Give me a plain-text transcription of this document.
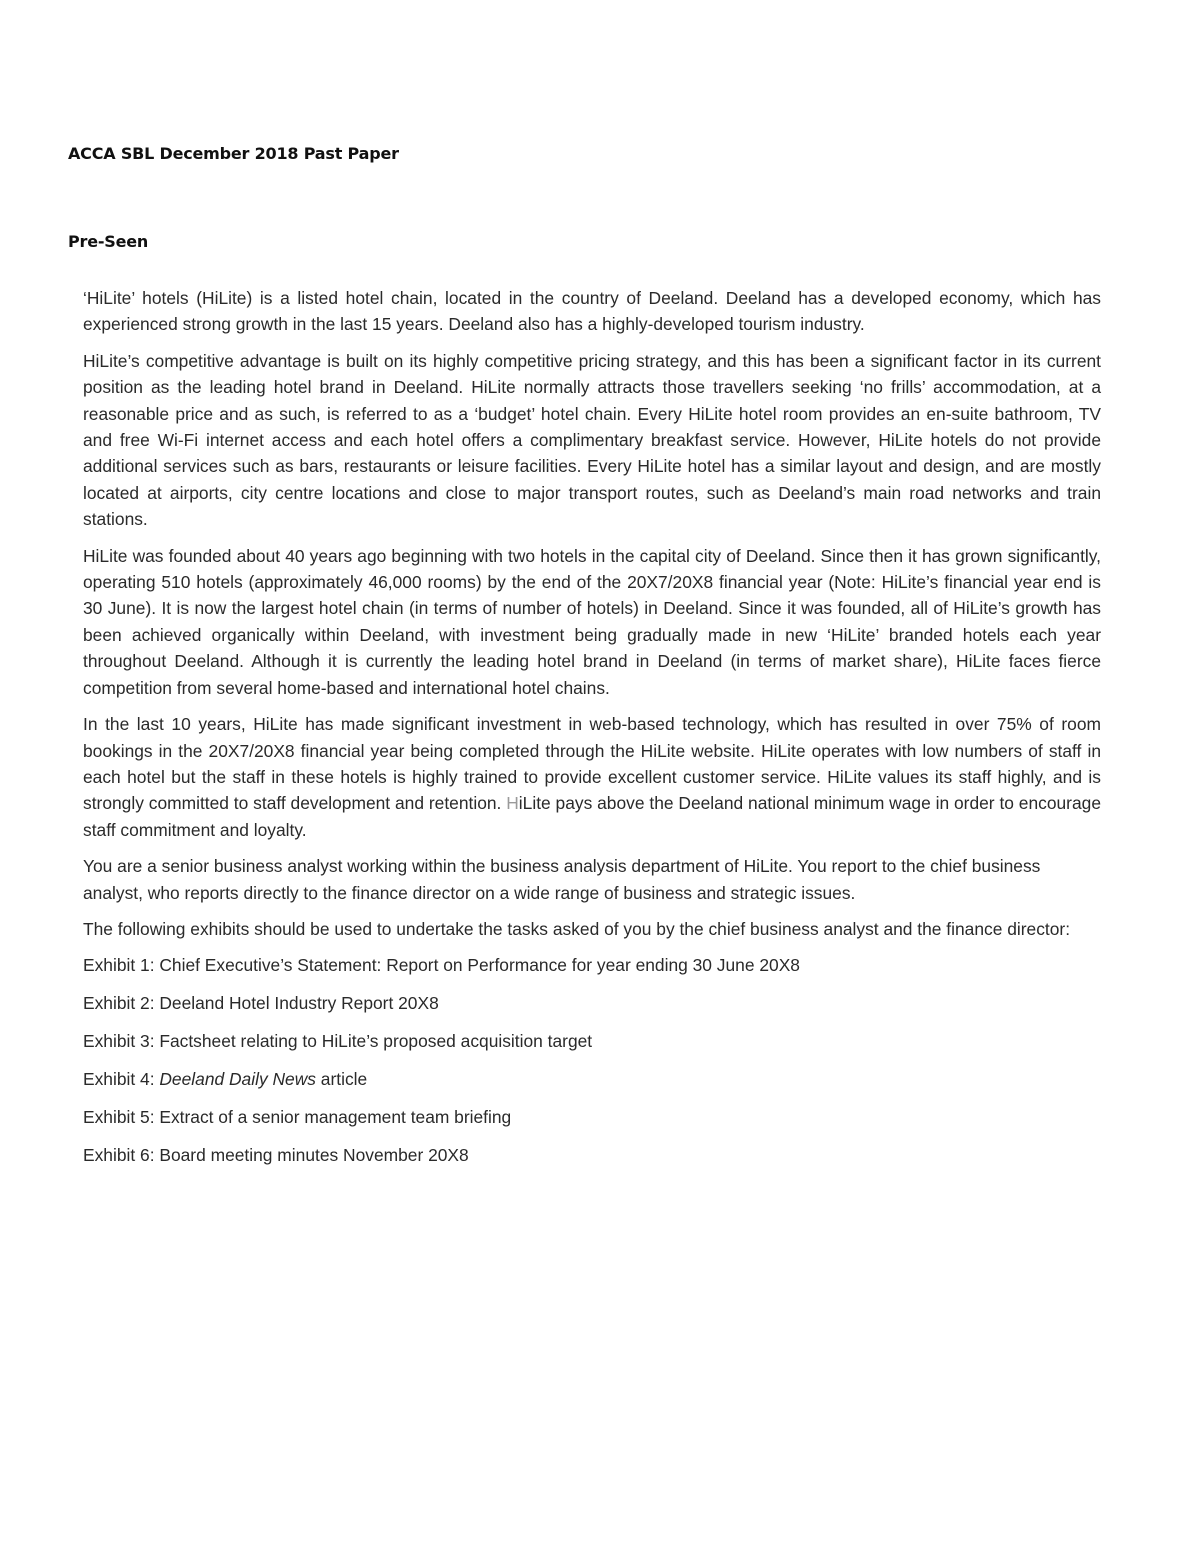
ACCA SBL December 2018 Past Paper
Pre-Seen

‘HiLite’ hotels (HiLite) is a listed hotel chain, located in the country of Deeland. Deeland has a developed economy, which has experienced strong growth in the last 15 years. Deeland also has a highly-developed tourism industry.

HiLite’s competitive advantage is built on its highly competitive pricing strategy, and this has been a significant factor in its current position as the leading hotel brand in Deeland. HiLite normally attracts those travellers seeking ‘no frills’ accommodation, at a reasonable price and as such, is referred to as a ‘budget’ hotel chain. Every HiLite hotel room provides an en-suite bathroom, TV and free Wi-Fi internet access and each hotel offers a complimentary breakfast service. However, HiLite hotels do not provide additional services such as bars, restaurants or leisure facilities. Every HiLite hotel has a similar layout and design, and are mostly located at airports, city centre locations and close to major transport routes, such as Deeland’s main road networks and train stations.

HiLite was founded about 40 years ago beginning with two hotels in the capital city of Deeland. Since then it has grown significantly, operating 510 hotels (approximately 46,000 rooms) by the end of the 20X7/20X8 financial year (Note: HiLite’s financial year end is 30 June). It is now the largest hotel chain (in terms of number of hotels) in Deeland. Since it was founded, all of HiLite’s growth has been achieved organically within Deeland, with investment being gradually made in new ‘HiLite’ branded hotels each year throughout Deeland. Although it is currently the leading hotel brand in Deeland (in terms of market share), HiLite faces fierce competition from several home-based and international hotel chains.

In the last 10 years, HiLite has made significant investment in web-based technology, which has resulted in over 75% of room bookings in the 20X7/20X8 financial year being completed through the HiLite website. HiLite operates with low numbers of staff in each hotel but the staff in these hotels is highly trained to provide excellent customer service. HiLite values its staff highly, and is strongly committed to staff development and retention. HiLite pays above the Deeland national minimum wage in order to encourage staff commitment and loyalty.

You are a senior business analyst working within the business analysis department of HiLite. You report to the chief business analyst, who reports directly to the finance director on a wide range of business and strategic issues.

The following exhibits should be used to undertake the tasks asked of you by the chief business analyst and the finance director:

Exhibit 1: Chief Executive’s Statement: Report on Performance for year ending 30 June 20X8
Exhibit 2: Deeland Hotel Industry Report 20X8
Exhibit 3: Factsheet relating to HiLite’s proposed acquisition target
Exhibit 4: Deeland Daily News article
Exhibit 5: Extract of a senior management team briefing
Exhibit 6: Board meeting minutes November 20X8
